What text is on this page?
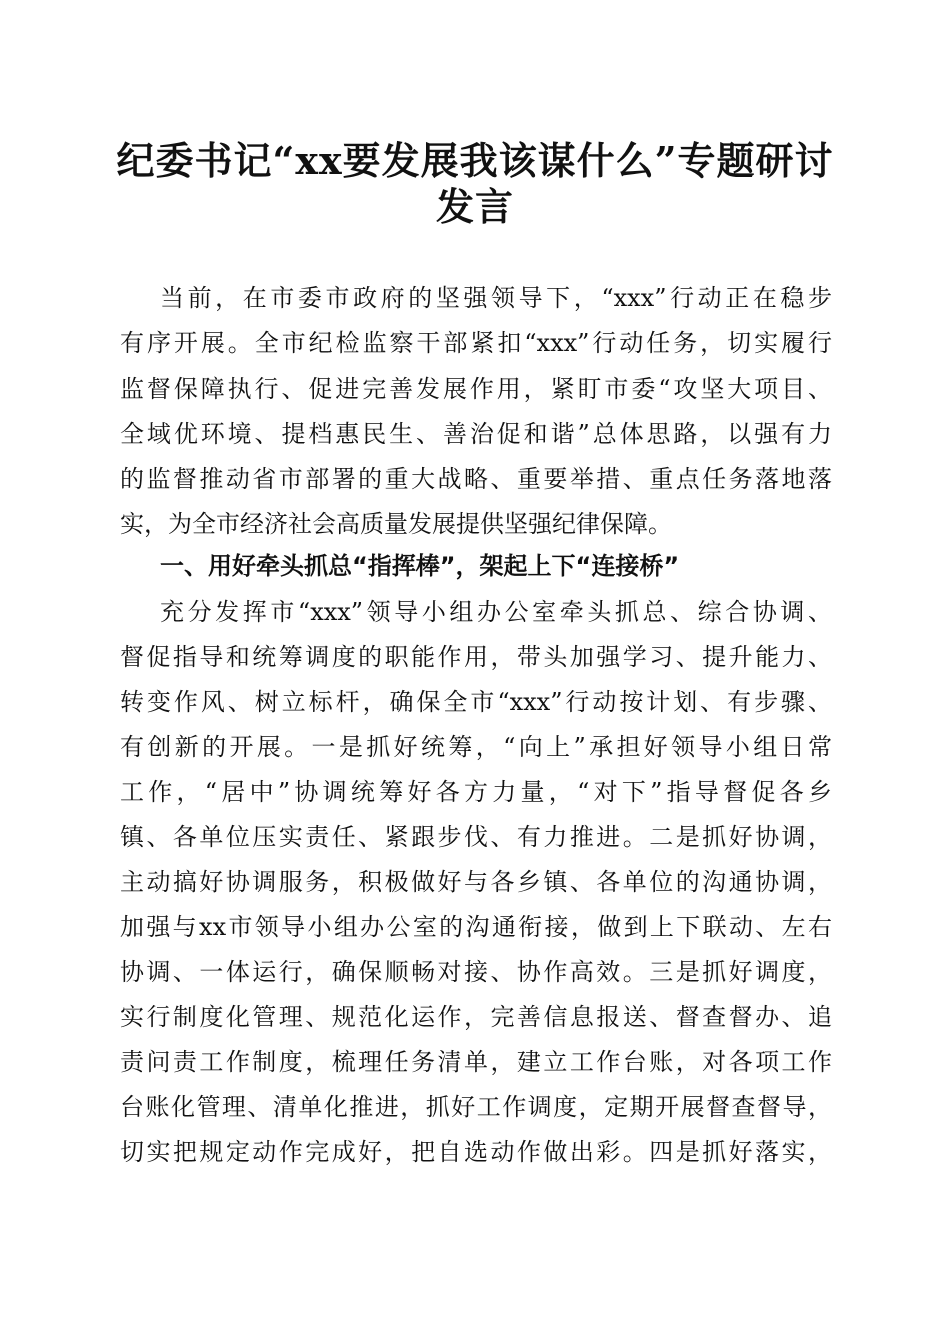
纪委书记“xx要发展我该谋什么”专题研讨
发言
当前，在市委市政府的坚强领导下，“xxx”行动正在稳步
有序开展。全市纪检监察干部紧扣“xxx”行动任务，切实履行
监督保障执行、促进完善发展作用，紧盯市委“攻坚大项目、
全域优环境、提档惠民生、善治促和谐”总体思路，以强有力
的监督推动省市部署的重大战略、重要举措、重点任务落地落
实，为全市经济社会高质量发展提供坚强纪律保障。
一、用好牵头抓总“指挥棒”，架起上下“连接桥”
充分发挥市“xxx”领导小组办公室牵头抓总、综合协调、
督促指导和统筹调度的职能作用，带头加强学习、提升能力、
转变作风、树立标杆，确保全市“xxx”行动按计划、有步骤、
有创新的开展。一是抓好统筹，“向上”承担好领导小组日常
工作，“居中”协调统筹好各方力量，“对下”指导督促各乡
镇、各单位压实责任、紧跟步伐、有力推进。二是抓好协调，
主动搞好协调服务，积极做好与各乡镇、各单位的沟通协调，
加强与xx市领导小组办公室的沟通衔接，做到上下联动、左右
协调、一体运行，确保顺畅对接、协作高效。三是抓好调度，
实行制度化管理、规范化运作，完善信息报送、督查督办、追
责问责工作制度，梳理任务清单，建立工作台账，对各项工作
台账化管理、清单化推进，抓好工作调度，定期开展督查督导，
切实把规定动作完成好，把自选动作做出彩。四是抓好落实，
